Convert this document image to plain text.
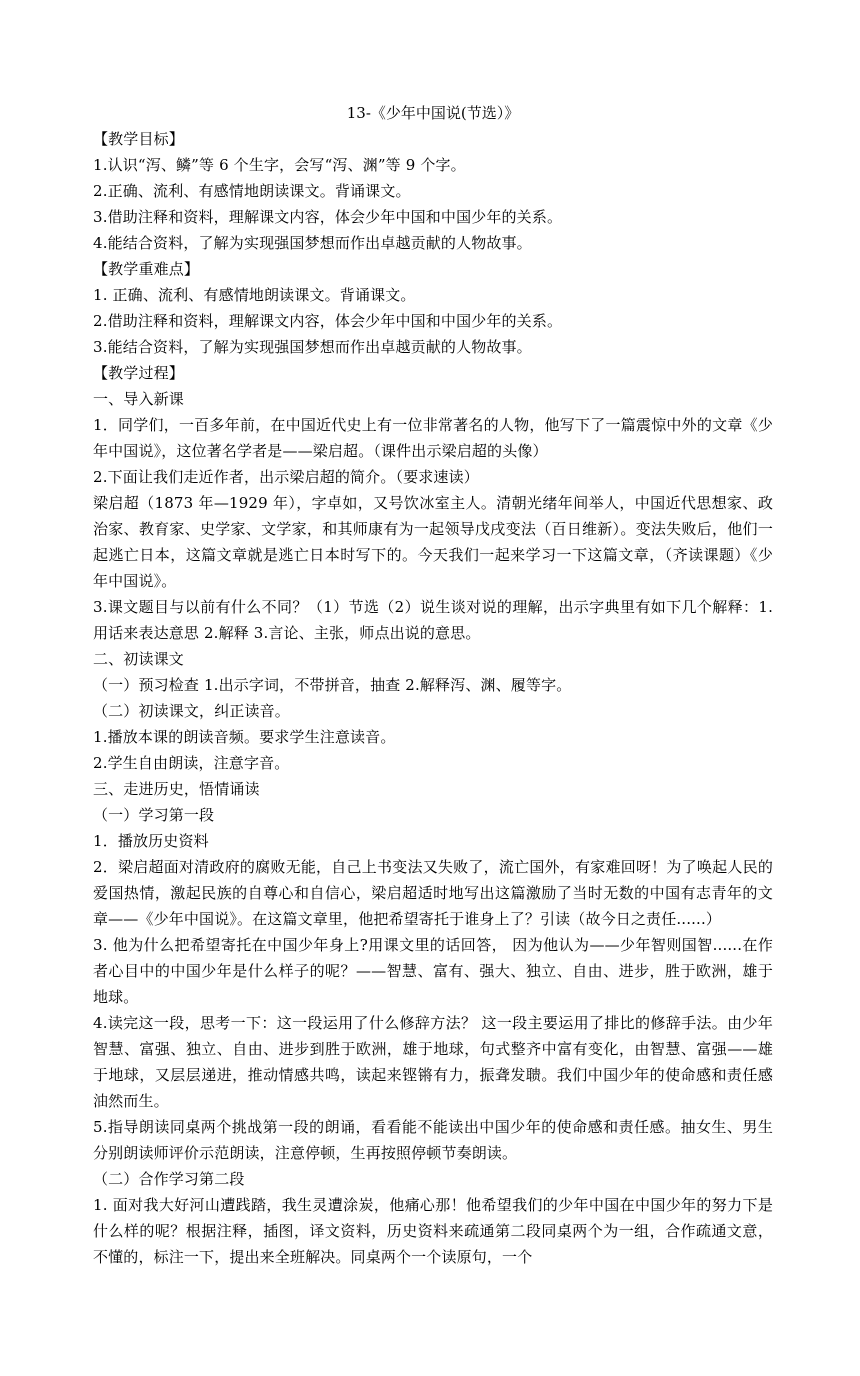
13-《少年中国说(节选）》
【教学目标】
1.认识“泻、鳞”等 6 个生字，会写“泻、渊”等 9 个字。
2.正确、流利、有感情地朗读课文。背诵课文。
3.借助注释和资料，理解课文内容，体会少年中国和中国少年的关系。
4.能结合资料，了解为实现强国梦想而作出卓越贡献的人物故事。
【教学重难点】
1. 正确、流利、有感情地朗读课文。背诵课文。
2.借助注释和资料，理解课文内容，体会少年中国和中国少年的关系。
3.能结合资料，了解为实现强国梦想而作出卓越贡献的人物故事。
【教学过程】
一、导入新课
1．同学们，一百多年前，在中国近代史上有一位非常著名的人物，他写下了一篇震惊中外的文章《少年中国说》，这位著名学者是——梁启超。（课件出示梁启超的头像）
2.下面让我们走近作者，出示梁启超的简介。（要求速读）
梁启超（1873 年—1929 年），字卓如，又号饮冰室主人。清朝光绪年间举人，中国近代思想家、政治家、教育家、史学家、文学家，和其师康有为一起领导戊戌变法（百日维新）。变法失败后，他们一起逃亡日本，这篇文章就是逃亡日本时写下的。今天我们一起来学习一下这篇文章，（齐读课题）《少年中国说》。
3.课文题目与以前有什么不同？（1）节选（2）说生谈对说的理解，出示字典里有如下几个解释：1.用话来表达意思 2.解释 3.言论、主张，师点出说的意思。
二、初读课文
（一）预习检查 1.出示字词，不带拼音，抽查 2.解释泻、渊、履等字。
（二）初读课文，纠正读音。
1.播放本课的朗读音频。要求学生注意读音。
2.学生自由朗读，注意字音。
三、走进历史，悟情诵读
（一）学习第一段
1．播放历史资料
2．梁启超面对清政府的腐败无能，自己上书变法又失败了，流亡国外，有家难回呀！为了唤起人民的爱国热情，激起民族的自尊心和自信心，梁启超适时地写出这篇激励了当时无数的中国有志青年的文章——《少年中国说》。在这篇文章里，他把希望寄托于谁身上了？引读（故今日之责任......）
3. 他为什么把希望寄托在中国少年身上?用课文里的话回答， 因为他认为——少年智则国智......在作者心目中的中国少年是什么样子的呢？——智慧、富有、强大、独立、自由、进步，胜于欧洲，雄于地球。
4.读完这一段，思考一下：这一段运用了什么修辞方法？ 这一段主要运用了排比的修辞手法。由少年智慧、富强、独立、自由、进步到胜于欧洲，雄于地球，句式整齐中富有变化，由智慧、富强——雄于地球，又层层递进，推动情感共鸣，读起来铿锵有力，振聋发聩。我们中国少年的使命感和责任感油然而生。
5.指导朗读同桌两个挑战第一段的朗诵，看看能不能读出中国少年的使命感和责任感。抽女生、男生分别朗读师评价示范朗读，注意停顿，生再按照停顿节奏朗读。
（二）合作学习第二段
1. 面对我大好河山遭践踏，我生灵遭涂炭，他痛心那！他希望我们的少年中国在中国少年的努力下是什么样的呢？根据注释，插图，译文资料，历史资料来疏通第二段同桌两个为一组，合作疏通文意，不懂的，标注一下，提出来全班解决。同桌两个一个读原句，一个
